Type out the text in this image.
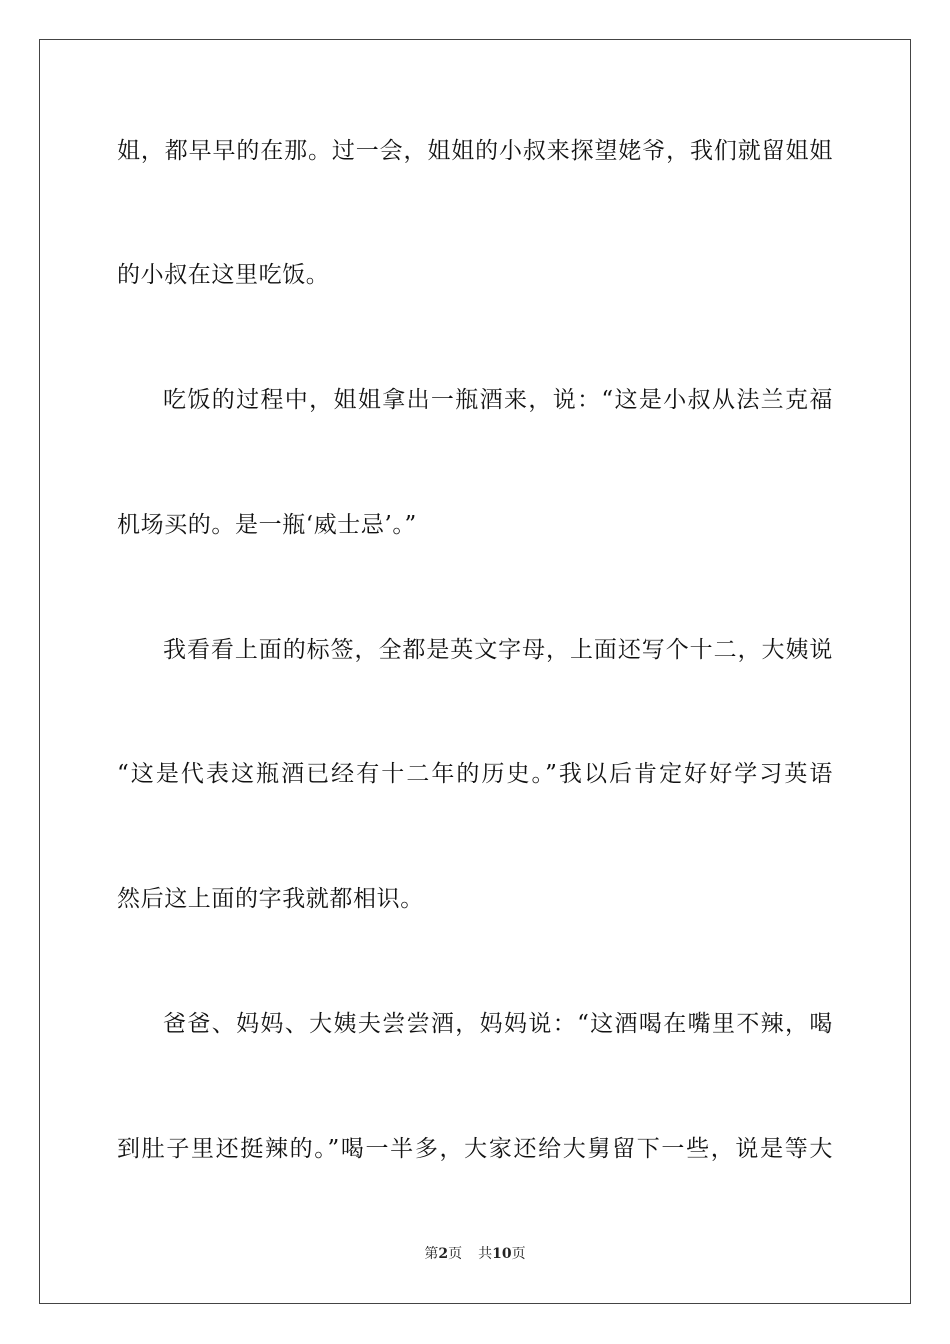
姐，都早早的在那。过一会，姐姐的小叔来探望姥爷，我们就留姐姐
的小叔在这里吃饭。
吃饭的过程中，姐姐拿出一瓶酒来，说：“这是小叔从法兰克福
机场买的。是一瓶‘威士忌’。”
我看看上面的标签，全都是英文字母，上面还写个十二，大姨说
“这是代表这瓶酒已经有十二年的历史。”我以后肯定好好学习英语
然后这上面的字我就都相识。
爸爸、妈妈、大姨夫尝尝酒，妈妈说：“这酒喝在嘴里不辣，喝
到肚子里还挺辣的。”喝一半多，大家还给大舅留下一些，说是等大
第2页 共10页
